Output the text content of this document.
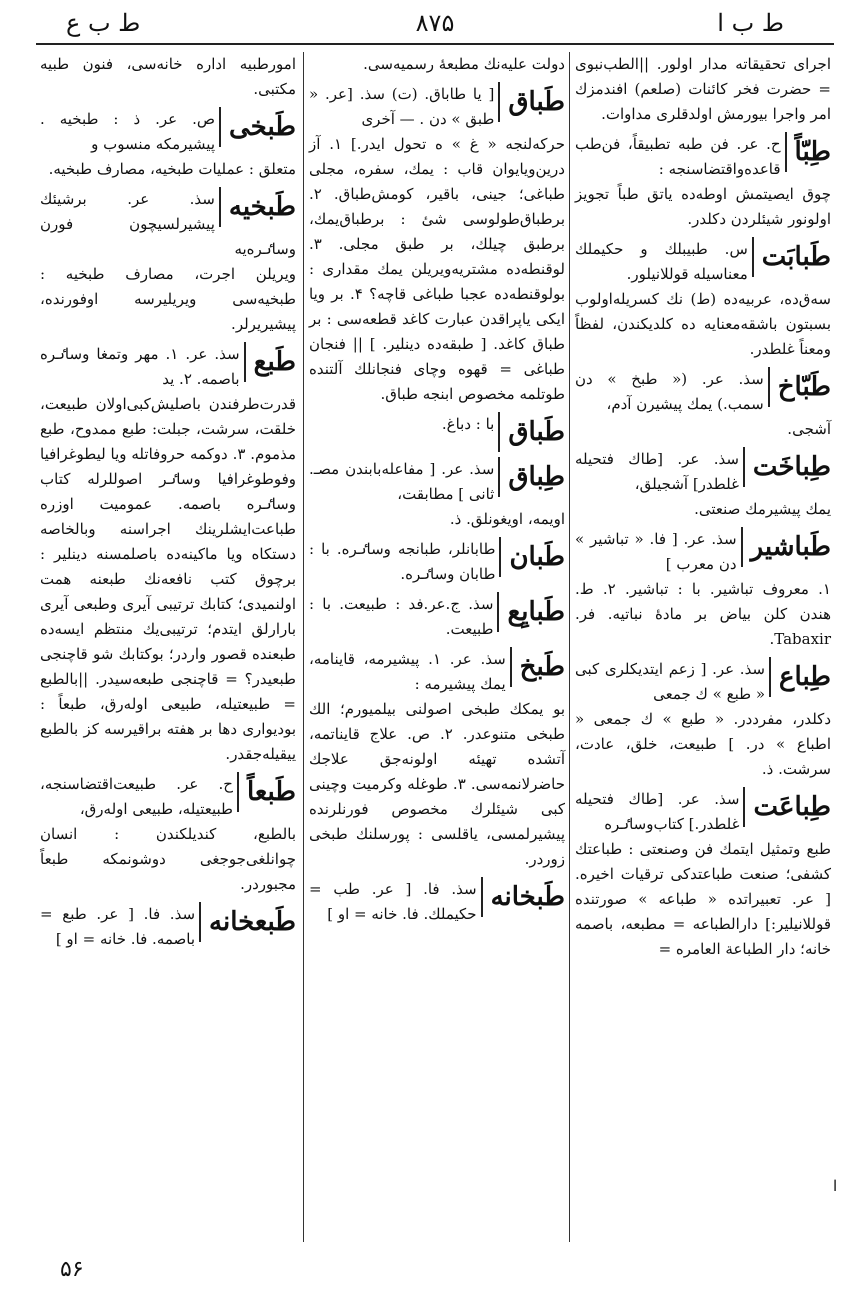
ط ب ع	۸۷۵	ط ب ا

اجرای تحقیقاته مدار اولور. ||الطب‌نبوی = حضرت فخر کائنات (صلعم) افندمزك امر واجرا بیورمش اولدقلری مداوات.

طِبّاً
ح. عر. فن طبه تطبیقاً، فن‌طب قاعده‌واقتضاسنجه :
چوق ایصیتمش اوطه‌ده یاتق طباً تجویز اولونور شیئلردن دکلدر.
طَبابَت
س. طبیبلك و حکیملك معناسیله قوللانیلور.
سه‌ق‌ده، عربیه‌ده (ط) نك کسریله‌اولوب بسبتون باشقه‌معنایه ده کلدیکندن، لفظاً ومعناً غلطدر.
طَبّاخ
سذ. عر. (« طبخ » دن سمب.) یمك پیشیرن آدم،
آشجی.
طِباخَت
سذ. عر. [طاك فتحیله غلطدر] آشجیلق،
یمك پیشیرمك صنعتی.
طَباشیر
سذ. عر. [ فا. « تباشیر » دن معرب ]
۱. معروف تباشیر. با : تباشیر. ۲. ط. هندن کلن بیاض بر مادهٔ نباتیه. فر. Tabaxir.
طِباع
سذ. عر. [ زعم ایتدیکلری کبی « طبع » ك‌ جمعی
دکلدر، مفرددر. « طبع » ك جمعی « اطباع » در. ] طبیعت، خلق، عادت، سرشت. ذ.
طِباعَت
سذ. عر. [طاك فتحیله غلطدر.] کتاب‌وساٸره
طبع وتمثیل ایتمك فن وصنعتی : طباعتك کشفی؛ صنعت طباعتدکی ترقیات اخیره. [ عر. تعبیراتده « طباعه » صورتنده قوللانیلیر:] دارالطباعه = مطبعه، باصمه خانه؛ دار الطباعة العامره =

دولت علیه‌نك مطبعهٔ رسمیه‌سی.

طَباق
[ یا طاباق. (ت) سذ. [عر. « طبق » دن . — آخری
حرکه‌لنجه « غ » ه تحول ایدر.] ۱. آز درین‌ویایوان قاب : یمك، سفره، مجلی طباغی؛ جینی، باقیر، کومش‌طباق. ۲. برطباق‌طولوسی شیٔ : برطباق‌یمك، برطبق چیلك، بر طبق مجلی. ۳. لوقنطه‌ده مشتریه‌ویریلن یمك مقداری : بولوقنطه‌ده عجبا طباغی قاچه؟ ۴. بر ویا ایکی یاپراقدن عبارت کاغد قطعه‌سی : بر طباق کاغد. [ طبقه‌ده دینلیر. ] || فنجان طباغی = قهوه وچای فنجانلك آلتنده طوتلمه مخصوص ابنجه طباق.
طَباق
با : دباغ.
طِباق
سذ. عر. [ مفاعله‌بابندن مصـ. ثانی ] مطابقت،
اویمه، اویغونلق. ذ.
طَبان
طابانلر، طبانجه وساٸره. با : طابان وساٸره.
طَبایِع
سذ. ج.عر.فد : طبیعت. با : طبیعت.
طَبخ
سذ. عر. ۱. پیشیرمه، قاینامه، یمك پیشیرمه :
بو یمکك طبخی اصولنی بیلمیورم؛ الك طبخی متنوعدر. ۲. ص. علاج قایناتمه، آتشده تهیئه اولونه‌جق علاجك حاضرلانمه‌سی. ۳. طوغله وکرمیت وچینی کبی شیئلرك مخصوص فورنلرنده پیشیرلمسی، یاقلسی : پورسلنك طبخی زوردر.
طَبخانه
سذ. فا. [ عر. طب = حکیملك. فا. خانه = او ]

امورطبیه اداره خانه‌سی، فنون طبیه مکتبی.

طَبخی
ص. عر. ذ : طبخیه . پیشیرمکه منسوب و
متعلق : عملیات طبخیه، مصارف طبخیه.
طَبخیه
سذ. عر. برشیئك پیشیرلسیچون فورن وساٸره‌یه
ویریلن اجرت، مصارف طبخیه : طبخیه‌سی ویریلیرسه اوفورنده، پیشیریرلر.
طَبع
سذ. عر. ۱. مهر وتمغا وساٸره باصمه. ۲. ید
قدرت‌طرفندن باصلیش‌کبی‌اولان طبیعت، خلقت، سرشت، جبلت: طبع ممدوح، طبع مذموم. ۳. دوکمه حروفاتله ویا لیطوغرافیا وفوطوغرافیا وساٸر اصوللرله کتاب وساٸره باصمه. عمومیت اوزره طباعت‌ایشلرینك اجراسنه وبالخاصه دستکاه ویا ماکینه‌ده باصلمسنه دینلیر : برچوق کتب نافعه‌نك طبعنه همت اولنمیدی؛ کتابك ترتیبی آیری وطبعی آیری بارارلق ایتدم؛ ترتیبی‌یك منتظم ایسه‌ده طبعنده قصور واردر؛ بوکتابك شو قاچنجی طبعیدر؟ = قاچنجی طبعه‌سیدر. ||بالطبع = طبیعتیله، طبیعی اوله‌رق، طبعاً : بودیواری دها بر هفته براقیرسه کز بالطبع ییقیله‌جقدر.
طَبعاً
ح. عر. طبیعت‌اقتضاسنجه، طبیعتیله، طبیعی اوله‌رق،
بالطبع، کندیلکندن : انسان چوانلغی‌جوجغی دوشونمکه طبعاً مجبوردر.
طَبعخانه
سذ. فا. [ عر. طبع = باصمه. فا. خانه = او ]
۵۶
ا
